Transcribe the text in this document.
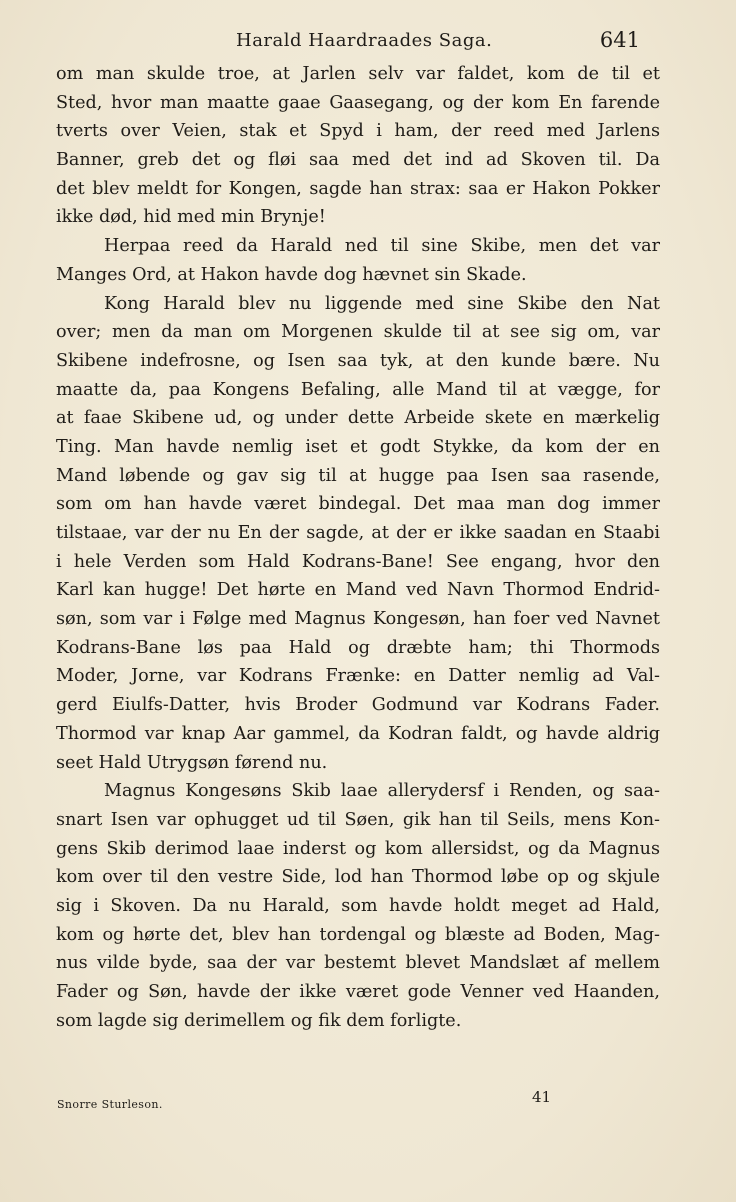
Harald Haardraades Saga.	641
om man skulde troe, at Jarlen selv var faldet, kom de til et
Sted, hvor man maatte gaae Gaasegang, og der kom En farende
tverts over Veien, stak et Spyd i ham, der reed med Jarlens
Banner, greb det og fløi saa med det ind ad Skoven til. Da
det blev meldt for Kongen, sagde han strax: saa er Hakon Pokker
ikke død, hid med min Brynje!
Herpaa reed da Harald ned til sine Skibe, men det var
Manges Ord, at Hakon havde dog hævnet sin Skade.
Kong Harald blev nu liggende med sine Skibe den Nat
over; men da man om Morgenen skulde til at see sig om, var
Skibene indefrosne, og Isen saa tyk, at den kunde bære. Nu
maatte da, paa Kongens Befaling, alle Mand til at vægge, for
at faae Skibene ud, og under dette Arbeide skete en mærkelig
Ting. Man havde nemlig iset et godt Stykke, da kom der en
Mand løbende og gav sig til at hugge paa Isen saa rasende,
som om han havde været bindegal. Det maa man dog immer
tilstaae, var der nu En der sagde, at der er ikke saadan en Staabi
i hele Verden som Hald Kodrans-Bane! See engang, hvor den
Karl kan hugge! Det hørte en Mand ved Navn Thormod Endrid-
søn, som var i Følge med Magnus Kongesøn, han foer ved Navnet
Kodrans-Bane løs paa Hald og dræbte ham; thi Thormods
Moder, Jorne, var Kodrans Frænke: en Datter nemlig ad Val-
gerd Eiulfs-Datter, hvis Broder Godmund var Kodrans Fader.
Thormod var knap Aar gammel, da Kodran faldt, og havde aldrig
seet Hald Utrygsøn førend nu.
Magnus Kongesøns Skib laae allerydersf i Renden, og saa-
snart Isen var ophugget ud til Søen, gik han til Seils, mens Kon-
gens Skib derimod laae inderst og kom allersidst, og da Magnus
kom over til den vestre Side, lod han Thormod løbe op og skjule
sig i Skoven. Da nu Harald, som havde holdt meget ad Hald,
kom og hørte det, blev han tordengal og blæste ad Boden, Mag-
nus vilde byde, saa der var bestemt blevet Mandslæt af mellem
Fader og Søn, havde der ikke været gode Venner ved Haanden,
som lagde sig derimellem og fik dem forligte.
Snorre Sturleson.	41
